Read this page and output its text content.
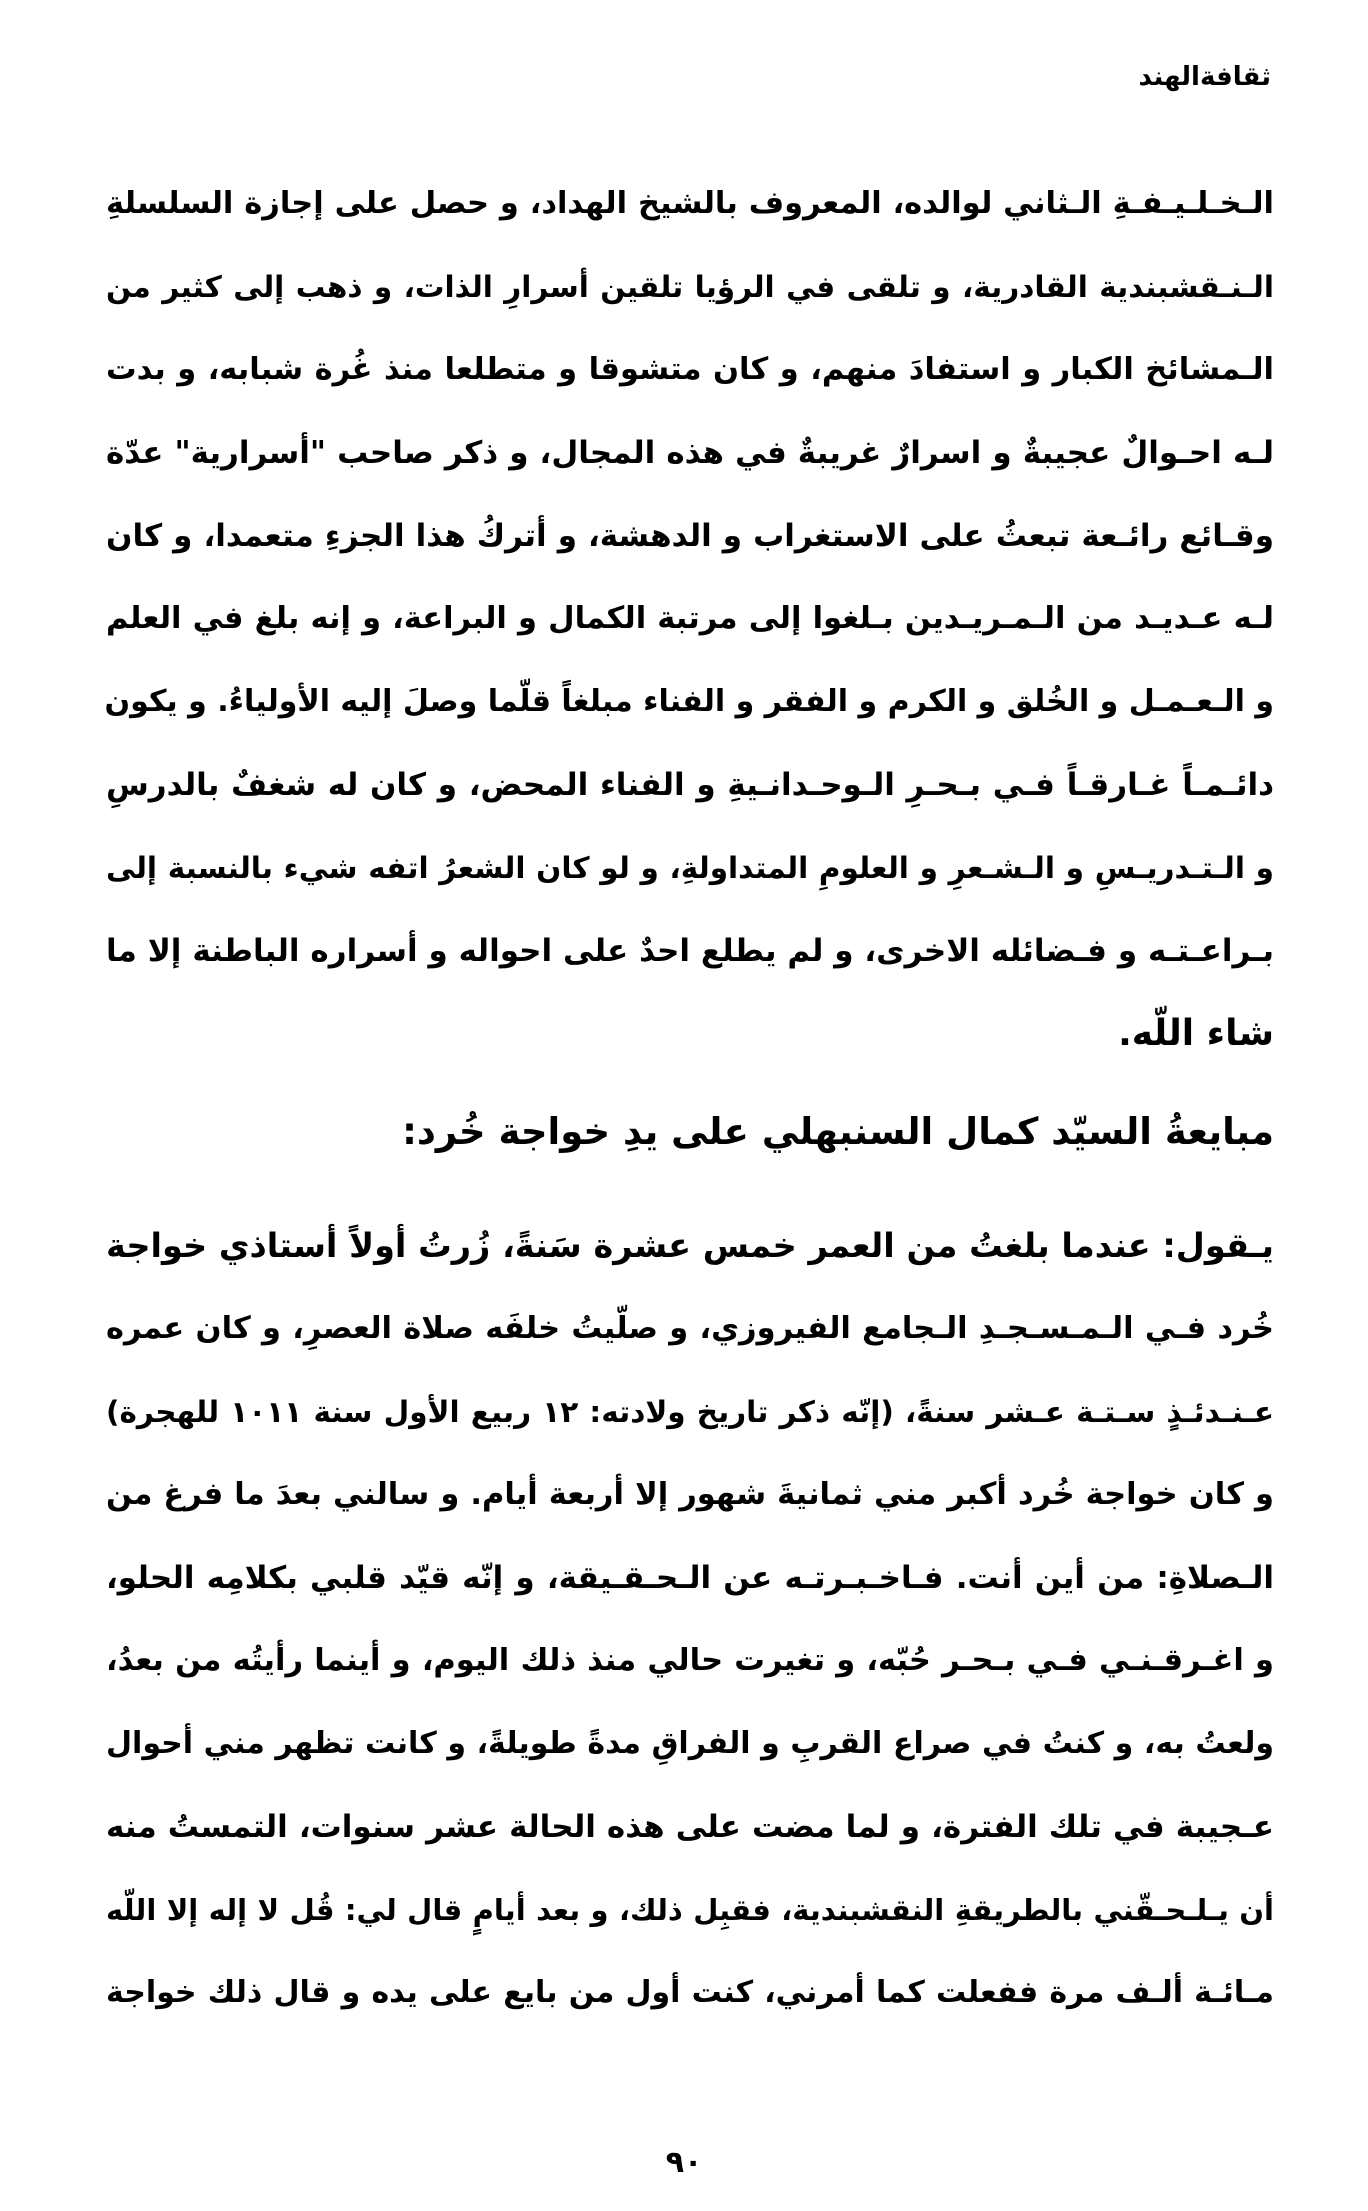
ثقافةالهند
الـخـلـيـفـةِ الـثاني لوالده، المعروف بالشيخ الهداد، و حصل على إجازة السلسلةِ
الـنـقشبندية القادرية، و تلقى في الرؤيا تلقين أسرارِ الذات، و ذهب إلى كثير من
الـمشائخ الكبار و استفادَ منهم، و كان متشوقا و متطلعا منذ غُرة شبابه، و بدت
لـه احـوالٌ عجيبةٌ و اسرارٌ غريبةٌ في هذه المجال، و ذكر صاحب "أسرارية" عدّة
وقـائع رائـعة تبعثُ على الاستغراب و الدهشة، و أتركُ هذا الجزءِ متعمدا، و كان
لـه عـديـد من الـمـريـدين بـلغوا إلى مرتبة الكمال و البراعة، و إنه بلغ في العلم
و الـعـمـل و الخُلق و الكرم و الفقر و الفناء مبلغاً قلّما وصلَ إليه الأولياءُ. و يكون
دائـمـاً غـارقـاً فـي بـحـرِ الـوحـدانـيةِ و الفناء المحض، و كان له شغفٌ بالدرسِ
و الـتـدريـسِ و الـشـعرِ و العلومِ المتداولةِ، و لو كان الشعرُ اتفه شيء بالنسبة إلى
بـراعـتـه و فـضائله الاخرى، و لم يطلع احدٌ على احواله و أسراره الباطنة إلا ما
شاء اللّه.
مبايعةُ السيّد كمال السنبهلي على يدِ خواجة خُرد:
يـقول: عندما بلغتُ من العمر خمس عشرة سَنةً، زُرتُ أولاً أستاذي خواجة
خُرد فـي الـمـسـجـدِ الـجامع الفيروزي، و صلّيتُ خلفَه صلاة العصرِ، و كان عمره
عـنـدئـذٍ سـتـة عـشر سنةً، (إنّه ذكر تاريخ ولادته: ١٢ ربيع الأول سنة ١٠١١ للهجرة)
و كان خواجة خُرد أكبر مني ثمانيةَ شهور إلا أربعة أيام. و سالني بعدَ ما فرغ من
الـصلاةِ: من أين أنت. فـاخـبـرتـه عن الـحـقـيقة، و إنّه قيّد قلبي بكلامِه الحلو،
و اغـرقـنـي فـي بـحـر حُبّه، و تغيرت حالي منذ ذلك اليوم، و أينما رأيتُه من بعدُ،
ولعتُ به، و كنتُ في صراع القربِ و الفراقِ مدةً طويلةً، و كانت تظهر مني أحوال
عـجيبة في تلك الفترة، و لما مضت على هذه الحالة عشر سنوات، التمستُ منه
أن يـلـحـقّني بالطريقةِ النقشبندية، فقبِل ذلك، و بعد أيامٍ قال لي: قُل لا إله إلا اللّه
مـائـة ألـف مرة ففعلت كما أمرني، كنت أول من بايع على يده و قال ذلك خواجة
٩٠
